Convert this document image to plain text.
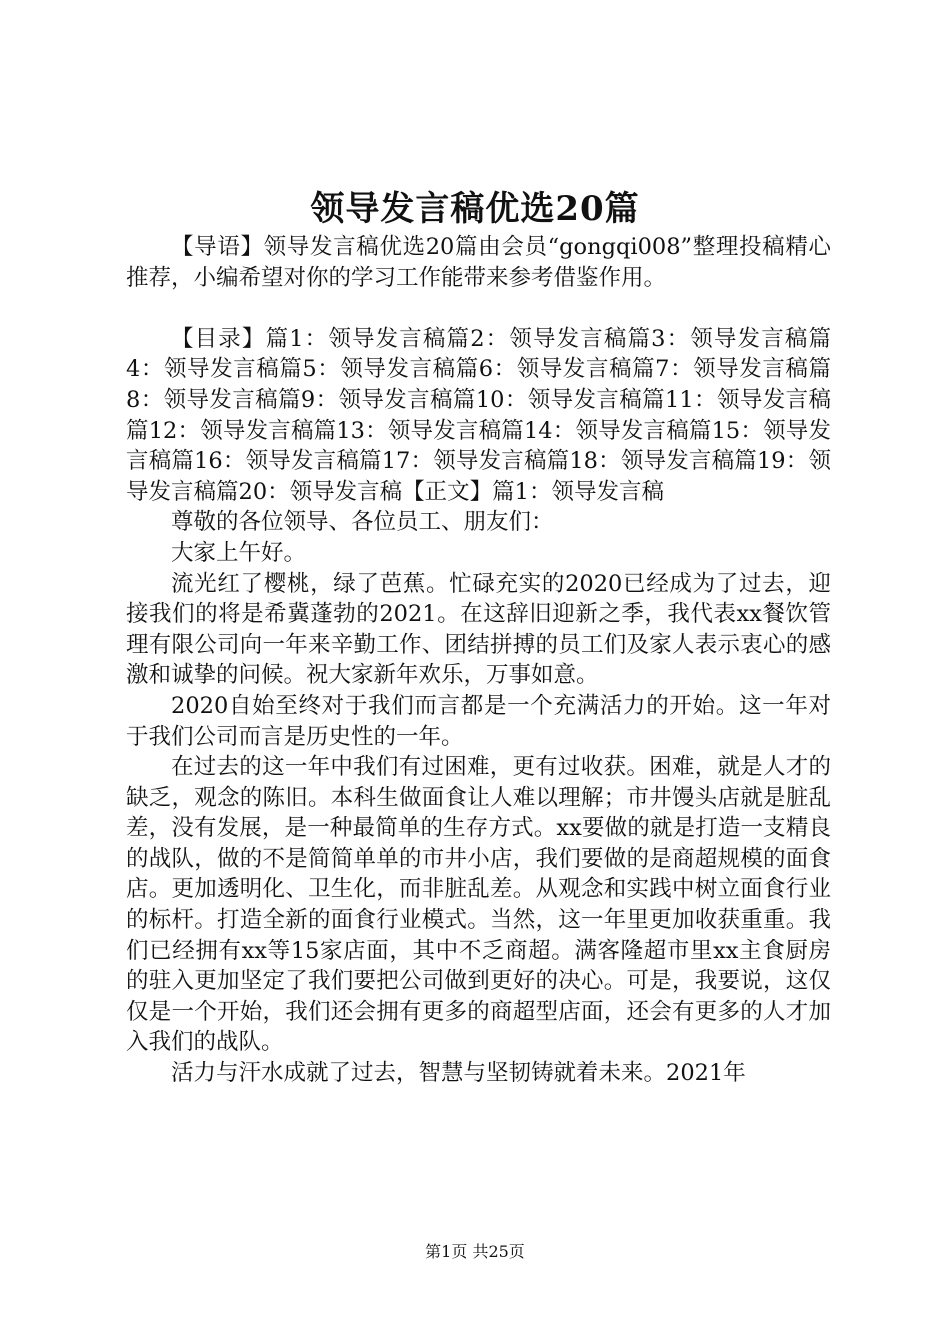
领导发言稿优选20篇

【导语】领导发言稿优选20篇由会员“gongqi008”整理投稿精心推荐，小编希望对你的学习工作能带来参考借鉴作用。

【目录】篇1：领导发言稿篇2：领导发言稿篇3：领导发言稿篇4：领导发言稿篇5：领导发言稿篇6：领导发言稿篇7：领导发言稿篇8：领导发言稿篇9：领导发言稿篇10：领导发言稿篇11：领导发言稿篇12：领导发言稿篇13：领导发言稿篇14：领导发言稿篇15：领导发言稿篇16：领导发言稿篇17：领导发言稿篇18：领导发言稿篇19：领导发言稿篇20：领导发言稿【正文】篇1：领导发言稿

尊敬的各位领导、各位员工、朋友们：

大家上午好。

流光红了樱桃，绿了芭蕉。忙碌充实的2020已经成为了过去，迎接我们的将是希冀蓬勃的2021。在这辞旧迎新之季，我代表xx餐饮管理有限公司向一年来辛勤工作、团结拼搏的员工们及家人表示衷心的感激和诚挚的问候。祝大家新年欢乐，万事如意。

2020自始至终对于我们而言都是一个充满活力的开始。这一年对于我们公司而言是历史性的一年。

在过去的这一年中我们有过困难，更有过收获。困难，就是人才的缺乏，观念的陈旧。本科生做面食让人难以理解；市井馒头店就是脏乱差，没有发展，是一种最简单的生存方式。xx要做的就是打造一支精良的战队，做的不是简简单单的市井小店，我们要做的是商超规模的面食店。更加透明化、卫生化，而非脏乱差。从观念和实践中树立面食行业的标杆。打造全新的面食行业模式。当然，这一年里更加收获重重。我们已经拥有xx等15家店面，其中不乏商超。满客隆超市里xx主食厨房的驻入更加坚定了我们要把公司做到更好的决心。可是，我要说，这仅仅是一个开始，我们还会拥有更多的商超型店面，还会有更多的人才加入我们的战队。

活力与汗水成就了过去，智慧与坚韧铸就着未来。2021年

第1页 共25页
